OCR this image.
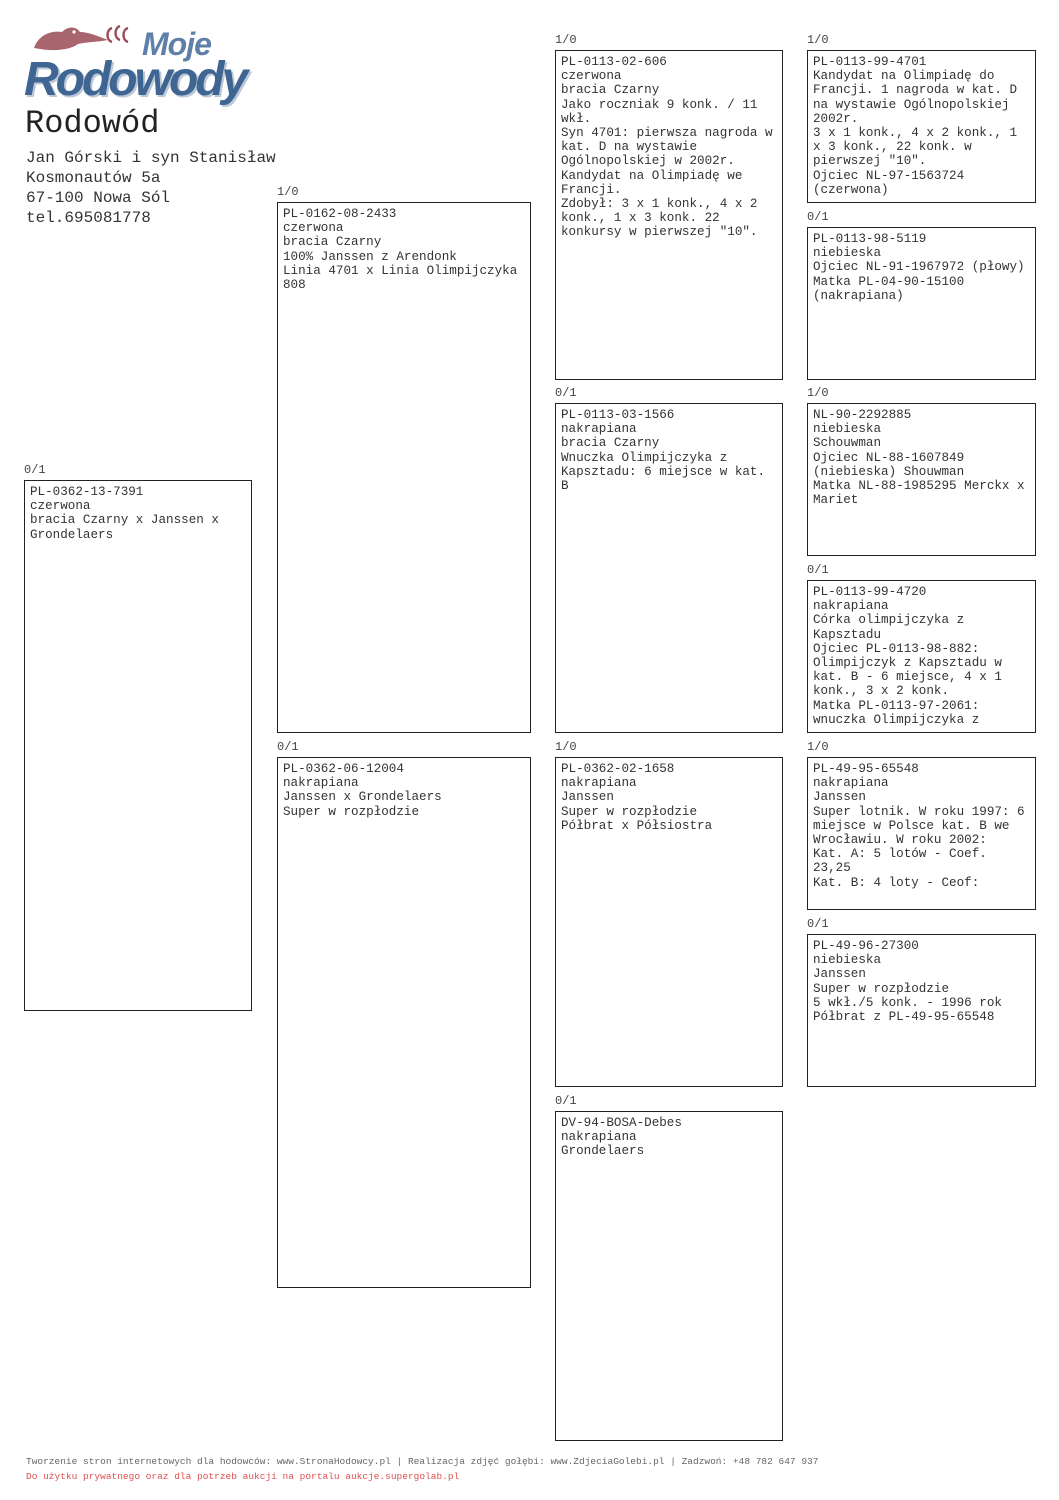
Moje
Rodowody
Rodowód
Jan Górski i syn Stanisław
Kosmonautów 5a
67-100 Nowa Sól
tel.695081778
0/1
PL-0362-13-7391
czerwona
bracia Czarny x Janssen x Grondelaers
1/0
PL-0162-08-2433
czerwona
bracia Czarny
100% Janssen z Arendonk
Linia 4701 x Linia Olimpijczyka 808
0/1
PL-0362-06-12004
nakrapiana
Janssen x Grondelaers
Super w rozpłodzie
1/0
PL-0113-02-606
czerwona
bracia Czarny
Jako roczniak 9 konk. / 11 wkł.
Syn 4701: pierwsza nagroda w kat. D na wystawie Ogólnopolskiej w 2002r. Kandydat na Olimpiadę we Francji.
Zdobył: 3 x 1 konk., 4 x 2 konk., 1 x 3 konk. 22 konkursy w pierwszej "10".
0/1
PL-0113-03-1566
nakrapiana
bracia Czarny
Wnuczka Olimpijczyka z Kapsztadu: 6 miejsce w kat. B
1/0
PL-0362-02-1658
nakrapiana
Janssen
Super w rozpłodzie
Półbrat x Półsiostra
0/1
DV-94-BOSA-Debes
nakrapiana
Grondelaers
1/0
PL-0113-99-4701
Kandydat na Olimpiadę do Francji. 1 nagroda w kat. D na wystawie Ogólnopolskiej 2002r.
3 x 1 konk., 4 x 2 konk., 1 x 3 konk., 22 konk. w pierwszej "10".
Ojciec NL-97-1563724 (czerwona)
0/1
PL-0113-98-5119
niebieska
Ojciec NL-91-1967972 (płowy)
Matka PL-04-90-15100 (nakrapiana)
1/0
NL-90-2292885
niebieska
Schouwman
Ojciec NL-88-1607849 (niebieska) Shouwman
Matka NL-88-1985295 Merckx x Mariet
0/1
PL-0113-99-4720
nakrapiana
Córka olimpijczyka z Kapsztadu
Ojciec PL-0113-98-882: Olimpijczyk z Kapsztadu w kat. B - 6 miejsce, 4 x 1 konk., 3 x 2 konk.
Matka PL-0113-97-2061: wnuczka Olimpijczyka z
1/0
PL-49-95-65548
nakrapiana
Janssen
Super lotnik. W roku 1997: 6 miejsce w Polsce kat. B we Wrocławiu. W roku 2002:
Kat. A: 5 lotów - Coef. 23,25
Kat. B: 4 loty - Ceof:
0/1
PL-49-96-27300
niebieska
Janssen
Super w rozpłodzie
5 wkł./5 konk. - 1996 rok
Półbrat z PL-49-95-65548
Tworzenie stron internetowych dla hodowców: www.StronaHodowcy.pl | Realizacja zdjęć gołębi: www.ZdjeciaGolebi.pl | Zadzwoń: +48 782 647 937
Do użytku prywatnego oraz dla potrzeb aukcji na portalu aukcje.supergolab.pl
